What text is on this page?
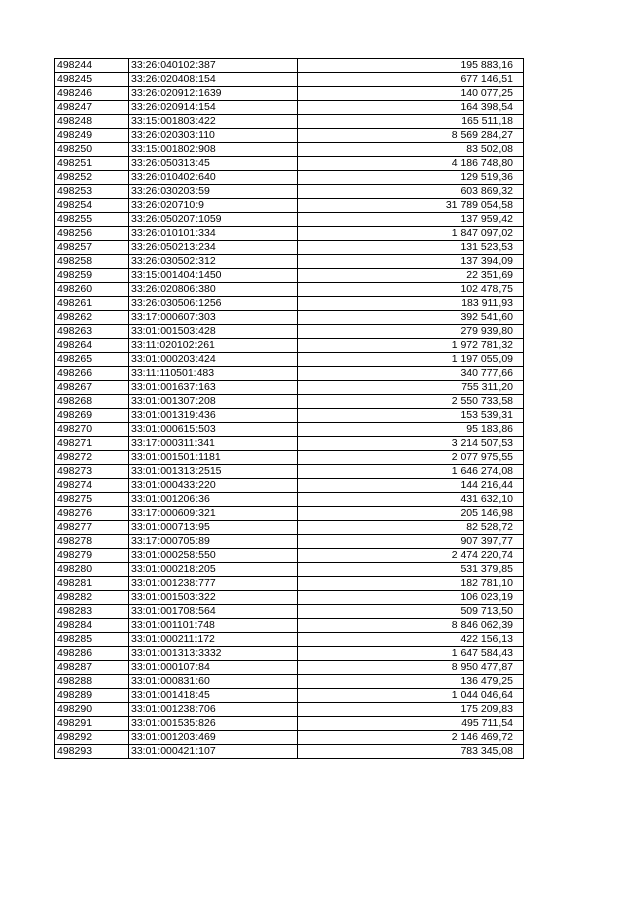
498244	33:26:040102:387	195 883,16
498245	33:26:020408:154	677 146,51
498246	33:26:020912:1639	140 077,25
498247	33:26:020914:154	164 398,54
498248	33:15:001803:422	165 511,18
498249	33:26:020303:110	8 569 284,27
498250	33:15:001802:908	83 502,08
498251	33:26:050313:45	4 186 748,80
498252	33:26:010402:640	129 519,36
498253	33:26:030203:59	603 869,32
498254	33:26:020710:9	31 789 054,58
498255	33:26:050207:1059	137 959,42
498256	33:26:010101:334	1 847 097,02
498257	33:26:050213:234	131 523,53
498258	33:26:030502:312	137 394,09
498259	33:15:001404:1450	22 351,69
498260	33:26:020806:380	102 478,75
498261	33:26:030506:1256	183 911,93
498262	33:17:000607:303	392 541,60
498263	33:01:001503:428	279 939,80
498264	33:11:020102:261	1 972 781,32
498265	33:01:000203:424	1 197 055,09
498266	33:11:110501:483	340 777,66
498267	33:01:001637:163	755 311,20
498268	33:01:001307:208	2 550 733,58
498269	33:01:001319:436	153 539,31
498270	33:01:000615:503	95 183,86
498271	33:17:000311:341	3 214 507,53
498272	33:01:001501:1181	2 077 975,55
498273	33:01:001313:2515	1 646 274,08
498274	33:01:000433:220	144 216,44
498275	33:01:001206:36	431 632,10
498276	33:17:000609:321	205 146,98
498277	33:01:000713:95	82 528,72
498278	33:17:000705:89	907 397,77
498279	33:01:000258:550	2 474 220,74
498280	33:01:000218:205	531 379,85
498281	33:01:001238:777	182 781,10
498282	33:01:001503:322	106 023,19
498283	33:01:001708:564	509 713,50
498284	33:01:001101:748	8 846 062,39
498285	33:01:000211:172	422 156,13
498286	33:01:001313:3332	1 647 584,43
498287	33:01:000107:84	8 950 477,87
498288	33:01:000831:60	136 479,25
498289	33:01:001418:45	1 044 046,64
498290	33:01:001238:706	175 209,83
498291	33:01:001535:826	495 711,54
498292	33:01:001203:469	2 146 469,72
498293	33:01:000421:107	783 345,08
